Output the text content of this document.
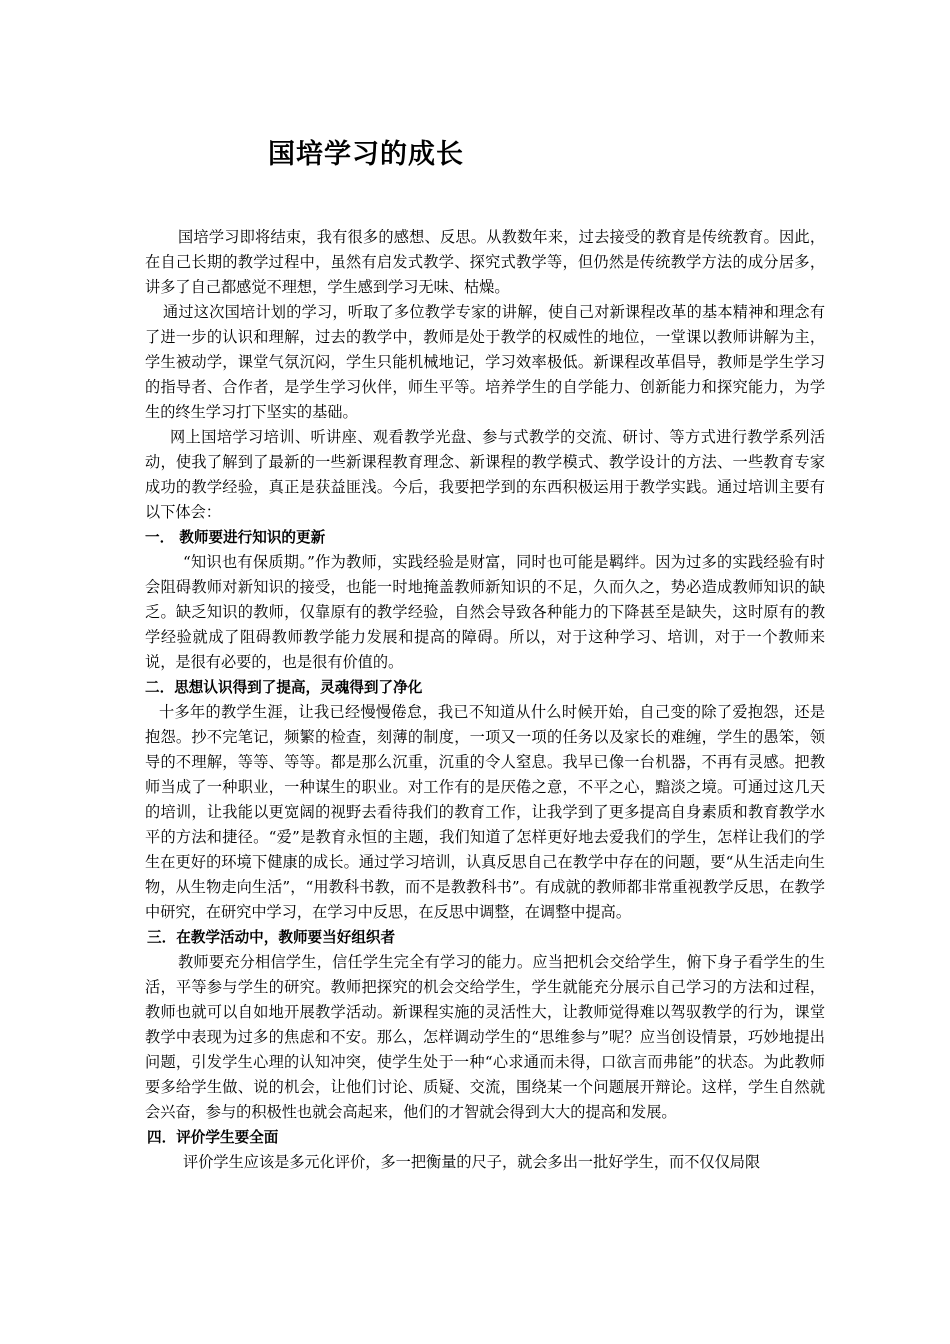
国培学习的成长

国培学习即将结束，我有很多的感想、反思。从教数年来，过去接受的教育是传统教育。因此，在自己长期的教学过程中，虽然有启发式教学、探究式教学等，但仍然是传统教学方法的成分居多，讲多了自己都感觉不理想，学生感到学习无味、枯燥。

通过这次国培计划的学习，听取了多位教学专家的讲解，使自己对新课程改革的基本精神和理念有了进一步的认识和理解，过去的教学中，教师是处于教学的权威性的地位，一堂课以教师讲解为主，学生被动学，课堂气氛沉闷，学生只能机械地记，学习效率极低。新课程改革倡导，教师是学生学习的指导者、合作者，是学生学习伙伴，师生平等。培养学生的自学能力、创新能力和探究能力，为学生的终生学习打下坚实的基础。

网上国培学习培训、听讲座、观看教学光盘、参与式教学的交流、研讨、等方式进行教学系列活动，使我了解到了最新的一些新课程教育理念、新课程的教学模式、教学设计的方法、一些教育专家成功的教学经验，真正是获益匪浅。今后，我要把学到的东西积极运用于教学实践。通过培训主要有以下体会：

一． 教师要进行知识的更新

“知识也有保质期。”作为教师，实践经验是财富，同时也可能是羁绊。因为过多的实践经验有时会阻碍教师对新知识的接受，也能一时地掩盖教师新知识的不足，久而久之，势必造成教师知识的缺乏。缺乏知识的教师，仅靠原有的教学经验，自然会导致各种能力的下降甚至是缺失，这时原有的教学经验就成了阻碍教师教学能力发展和提高的障碍。所以，对于这种学习、培训，对于一个教师来说，是很有必要的，也是很有价值的。

二．思想认识得到了提高，灵魂得到了净化

十多年的教学生涯，让我已经慢慢倦怠，我已不知道从什么时候开始，自己变的除了爱抱怨，还是抱怨。抄不完笔记，频繁的检查，刻薄的制度，一项又一项的任务以及家长的难缠，学生的愚笨，领导的不理解，等等、等等。都是那么沉重，沉重的令人窒息。我早已像一台机器，不再有灵感。把教师当成了一种职业，一种谋生的职业。对工作有的是厌倦之意，不平之心，黯淡之境。可通过这几天的培训，让我能以更宽阔的视野去看待我们的教育工作，让我学到了更多提高自身素质和教育教学水平的方法和捷径。“爱”是教育永恒的主题，我们知道了怎样更好地去爱我们的学生，怎样让我们的学生在更好的环境下健康的成长。通过学习培训，认真反思自己在教学中存在的问题，要“从生活走向生物，从生物走向生活”，“用教科书教，而不是教教科书”。有成就的教师都非常重视教学反思，在教学中研究，在研究中学习，在学习中反思，在反思中调整，在调整中提高。

三．在教学活动中，教师要当好组织者

教师要充分相信学生，信任学生完全有学习的能力。应当把机会交给学生，俯下身子看学生的生活，平等参与学生的研究。教师把探究的机会交给学生，学生就能充分展示自己学习的方法和过程，教师也就可以自如地开展教学活动。新课程实施的灵活性大，让教师觉得难以驾驭教学的行为，课堂教学中表现为过多的焦虑和不安。那么，怎样调动学生的“思维参与”呢？应当创设情景，巧妙地提出问题，引发学生心理的认知冲突，使学生处于一种“心求通而未得，口欲言而弗能”的状态。为此教师要多给学生做、说的机会，让他们讨论、质疑、交流，围绕某一个问题展开辩论。这样，学生自然就会兴奋，参与的积极性也就会高起来，他们的才智就会得到大大的提高和发展。

四．评价学生要全面

评价学生应该是多元化评价，多一把衡量的尺子，就会多出一批好学生，而不仅仅局限
